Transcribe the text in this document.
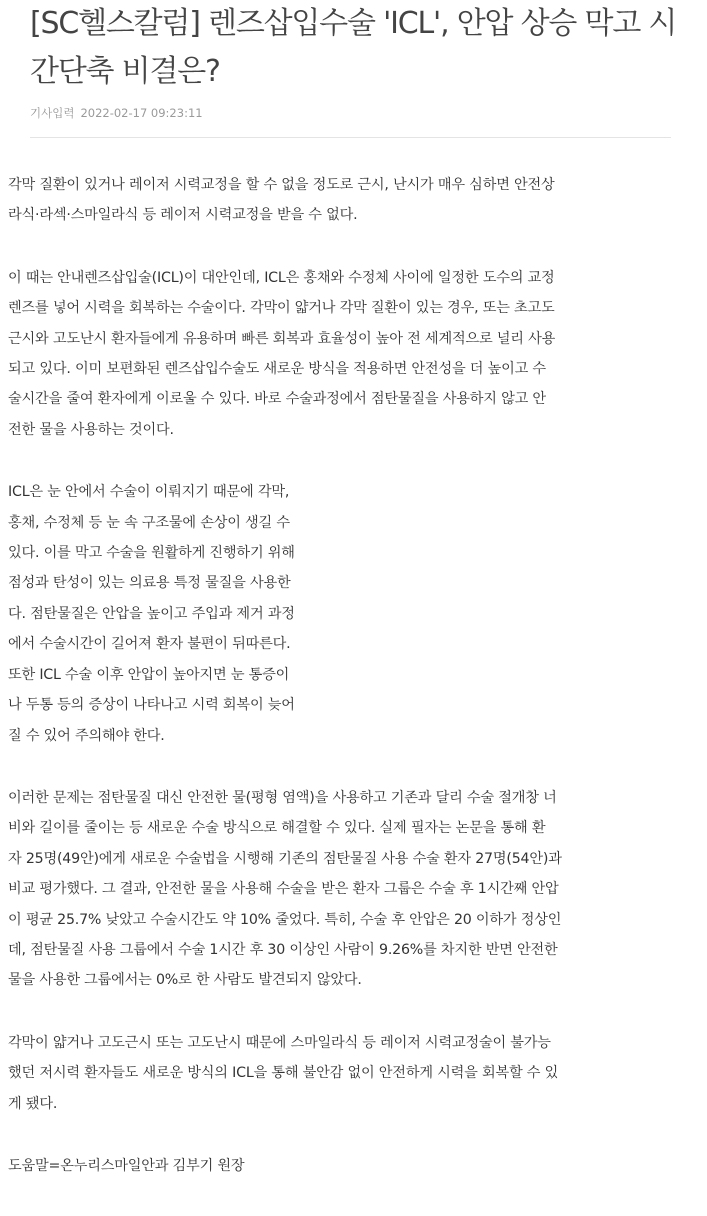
[SC헬스칼럼] 렌즈삽입수술 'ICL', 안압 상승 막고 시간단축 비결은?
기사입력 2022-02-17 09:23:11

각막 질환이 있거나 레이저 시력교정을 할 수 없을 정도로 근시, 난시가 매우 심하면 안전상
라식·라섹·스마일라식 등 레이저 시력교정을 받을 수 없다.

이 때는 안내렌즈삽입술(ICL)이 대안인데, ICL은 홍채와 수정체 사이에 일정한 도수의 교정
렌즈를 넣어 시력을 회복하는 수술이다. 각막이 얇거나 각막 질환이 있는 경우, 또는 초고도
근시와 고도난시 환자들에게 유용하며 빠른 회복과 효율성이 높아 전 세계적으로 널리 사용
되고 있다. 이미 보편화된 렌즈삽입수술도 새로운 방식을 적용하면 안전성을 더 높이고 수
술시간을 줄여 환자에게 이로울 수 있다. 바로 수술과정에서 점탄물질을 사용하지 않고 안
전한 물을 사용하는 것이다.

ICL은 눈 안에서 수술이 이뤄지기 때문에 각막,
홍채, 수정체 등 눈 속 구조물에 손상이 생길 수
있다. 이를 막고 수술을 원활하게 진행하기 위해
점성과 탄성이 있는 의료용 특정 물질을 사용한
다. 점탄물질은 안압을 높이고 주입과 제거 과정
에서 수술시간이 길어져 환자 불편이 뒤따른다.
또한 ICL 수술 이후 안압이 높아지면 눈 통증이
나 두통 등의 증상이 나타나고 시력 회복이 늦어
질 수 있어 주의해야 한다.

이러한 문제는 점탄물질 대신 안전한 물(평형 염액)을 사용하고 기존과 달리 수술 절개창 너
비와 길이를 줄이는 등 새로운 수술 방식으로 해결할 수 있다. 실제 필자는 논문을 통해 환
자 25명(49안)에게 새로운 수술법을 시행해 기존의 점탄물질 사용 수술 환자 27명(54안)과
비교 평가했다. 그 결과, 안전한 물을 사용해 수술을 받은 환자 그룹은 수술 후 1시간째 안압
이 평균 25.7% 낮았고 수술시간도 약 10% 줄었다. 특히, 수술 후 안압은 20 이하가 정상인
데, 점탄물질 사용 그룹에서 수술 1시간 후 30 이상인 사람이 9.26%를 차지한 반면 안전한
물을 사용한 그룹에서는 0%로 한 사람도 발견되지 않았다.

각막이 얇거나 고도근시 또는 고도난시 때문에 스마일라식 등 레이저 시력교정술이 불가능
했던 저시력 환자들도 새로운 방식의 ICL을 통해 불안감 없이 안전하게 시력을 회복할 수 있
게 됐다.

도움말=온누리스마일안과 김부기 원장
